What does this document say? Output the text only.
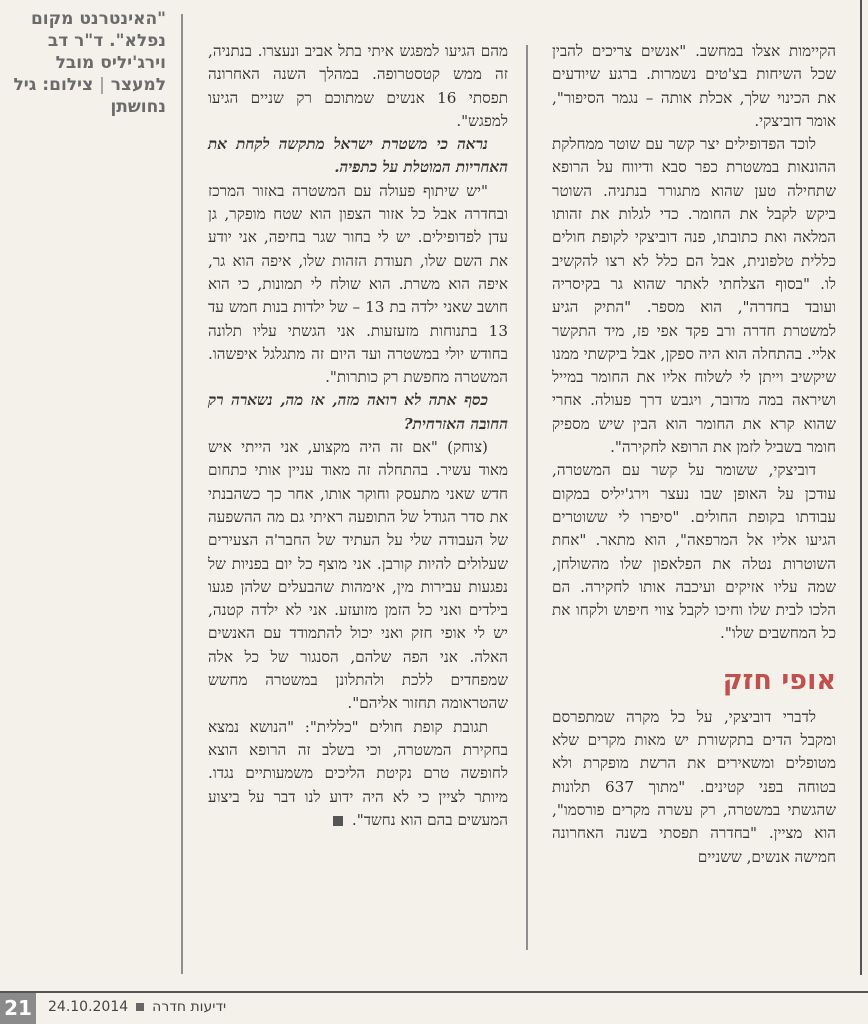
"האינטרנט מקום נפלא". ד"ר דב וירג'יליס מובל למעצר | צילום: גיל נחושתן

מהם הגיעו למפגש איתי בתל אביב ונעצרו. בנתניה, זה ממש קטסטרופה. במהלך השנה האחרונה תפסתי 16 אנשים שמתוכם רק שניים הגיעו למפגש".

נראה כי משטרת ישראל מתקשה לקחת את האחריות המוטלת על כתפיה.

"יש שיתוף פעולה עם המשטרה באזור המרכז ובחדרה אבל כל אזור הצפון הוא שטח מופקר, גן עדן לפדופילים. יש לי בחור שגר בחיפה, אני יודע את השם שלו, תעודת הזהות שלו, איפה הוא גר, איפה הוא משרת. הוא שולח לי תמונות, כי הוא חושב שאני ילדה בת 13 – של ילדות בנות חמש עד 13 בתנוחות מזעזעות. אני הגשתי עליו תלונה בחודש יולי במשטרה ועד היום זה מתגלגל איפשהו. המשטרה מחפשת רק כותרות".

כסף אתה לא רואה מזה, אז מה, נשארה רק החובה האזרחית?

(צוחק) "אם זה היה מקצוע, אני הייתי איש מאוד עשיר. בהתחלה זה מאוד עניין אותי כתחום חדש שאני מתעסק וחוקר אותו, אחר כך כשהבנתי את סדר הגודל של התופעה ראיתי גם מה ההשפעה של העבודה שלי על העתיד של החבר'ה הצעירים שעלולים להיות קורבן. אני מוצף כל יום בפניות של נפגעות עבירות מין, אימהות שהבעלים שלהן פגעו בילדים ואני כל הזמן מזועזע. אני לא ילדה קטנה, יש לי אופי חזק ואני יכול להתמודד עם האנשים האלה. אני הפה שלהם, הסנגור של כל אלה שמפחדים ללכת ולהתלונן במשטרה מחשש שהטראומה תחזור אליהם".

תגובת קופת חולים "כללית": "הנושא נמצא בחקירת המשטרה, וכי בשלב זה הרופא הוצא לחופשה טרם נקיטת הליכים משמעותיים נגדו. מיותר לציין כי לא היה ידוע לנו דבר על ביצוע המעשים בהם הוא נחשד".

הקיימות אצלו במחשב. "אנשים צריכים להבין שכל השיחות בצ'טים נשמרות. ברגע שיודעים את הכינוי שלך, אכלת אותה – נגמר הסיפור", אומר דוביצקי.

לוכד הפדופילים יצר קשר עם שוטר ממחלקת ההונאות במשטרת כפר סבא ודיווח על הרופא שתחילה טען שהוא מתגורר בנתניה. השוטר ביקש לקבל את החומר. כדי לגלות את זהותו המלאה ואת כתובתו, פנה דוביצקי לקופת חולים כללית טלפונית, אבל הם כלל לא רצו להקשיב לו. "בסוף הצלחתי לאתר שהוא גר בקיסריה ועובד בחדרה", הוא מספר. "התיק הגיע למשטרת חדרה ורב פקד אפי פז, מיד התקשר אליי. בהתחלה הוא היה ספקן, אבל ביקשתי ממנו שיקשיב וייתן לי לשלוח אליו את החומר במייל ושיראה במה מדובר, ויגבש דרך פעולה. אחרי שהוא קרא את החומר הוא הבין שיש מספיק חומר בשביל לזמן את הרופא לחקירה".

דוביצקי, ששומר על קשר עם המשטרה, עודכן על האופן שבו נעצר וירג'יליס במקום עבודתו בקופת החולים. "סיפרו לי ששוטרים הגיעו אליו אל המרפאה", הוא מתאר. "אחת השוטרות נטלה את הפלאפון שלו מהשולחן, שמה עליו אזיקים ועיכבה אותו לחקירה. הם הלכו לבית שלו וחיכו לקבל צווי חיפוש ולקחו את כל המחשבים שלו".

אופי חזק

לדברי דוביצקי, על כל מקרה שמתפרסם ומקבל הדים בתקשורת יש מאות מקרים שלא מטופלים ומשאירים את הרשת מופקרת ולא בטוחה בפני קטינים. "מתוך 637 תלונות שהגשתי במשטרה, רק עשרה מקרים פורסמו", הוא מציין. "בחדרה תפסתי בשנה האחרונה חמישה אנשים, ששניים

21	ידיעות חדרה24.10.2014
